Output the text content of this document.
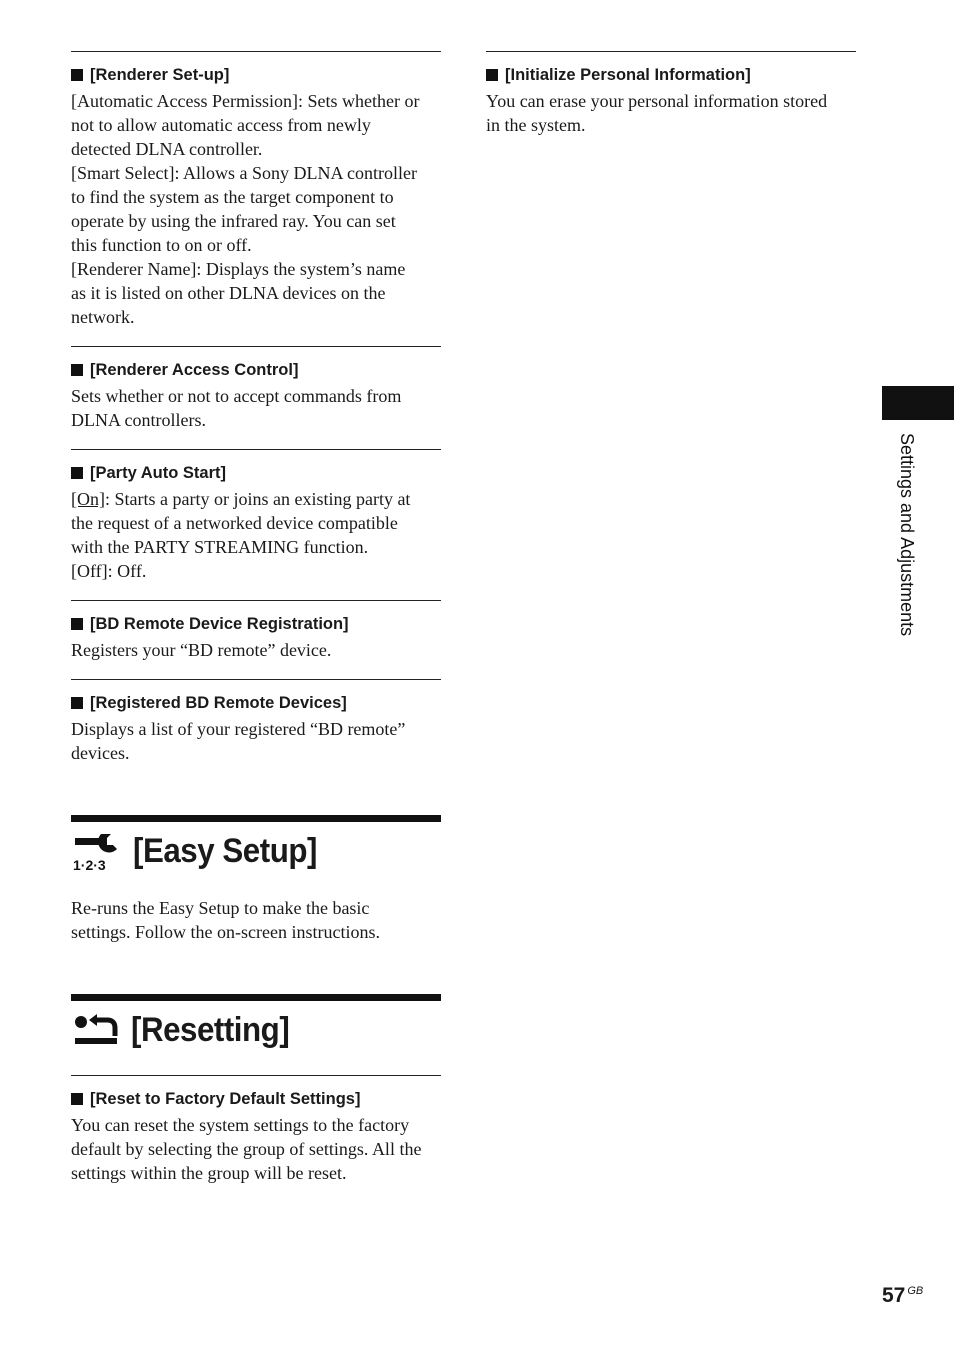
[Renderer Set-up]

[Automatic Access Permission]: Sets whether or

not to allow automatic access from newly

detected DLNA controller.

[Smart Select]: Allows a Sony DLNA controller

to find the system as the target component to

operate by using the infrared ray. You can set

this function to on or off.

[Renderer Name]: Displays the system’s name

as it is listed on other DLNA devices on the

network.

[Renderer Access Control]

Sets whether or not to accept commands from

DLNA controllers.

[Party Auto Start]

[On]: Starts a party or joins an existing party at

the request of a networked device compatible

with the PARTY STREAMING function.

[Off]: Off.

[BD Remote Device Registration]

Registers your “BD remote” device.

[Registered BD Remote Devices]

Displays a list of your registered “BD remote”

devices.

1·2·3 [Easy Setup]

Re-runs the Easy Setup to make the basic

settings. Follow the on-screen instructions.

[Resetting]
[Reset to Factory Default Settings]

You can reset the system settings to the factory

default by selecting the group of settings. All the

settings within the group will be reset.

[Initialize Personal Information]

You can erase your personal information stored

in the system.

Settings and Adjustments
57 $^{GB}$
